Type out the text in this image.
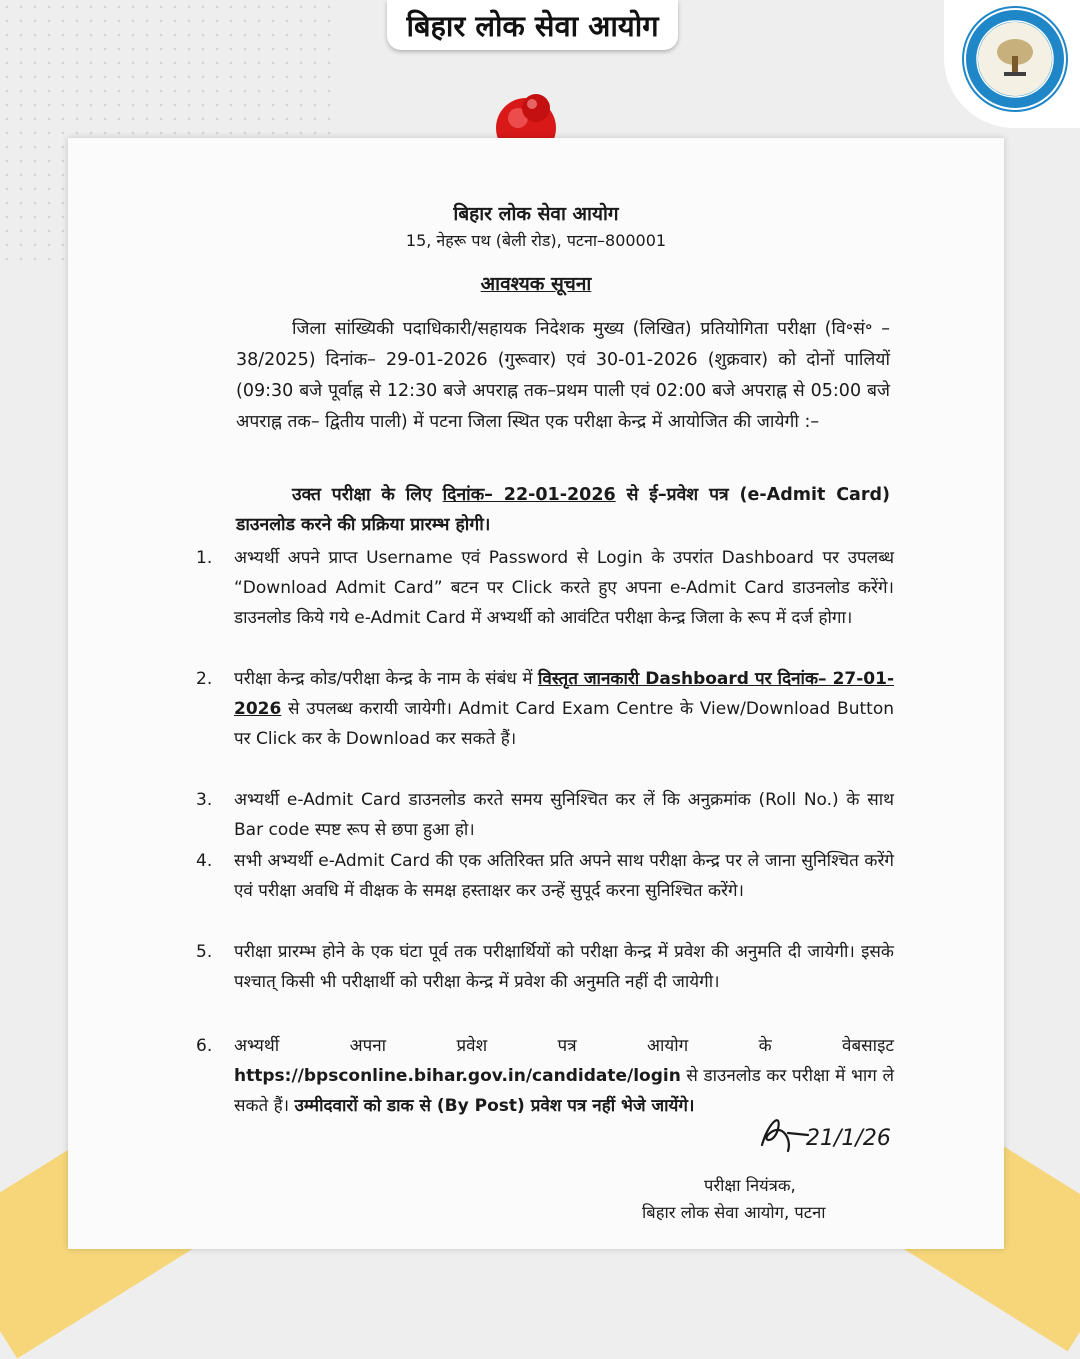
बिहार लोक सेवा आयोग
बिहार लोक सेवा आयोग
15, नेहरू पथ (बेली रोड), पटना–800001
आवश्यक सूचना
जिला सांख्यिकी पदाधिकारी/सहायक निदेशक मुख्य (लिखित) प्रतियोगिता परीक्षा (वि॰सं॰ – 38/2025) दिनांक– 29-01-2026 (गुरूवार) एवं 30-01-2026 (शुक्रवार) को दोनों पालियों (09:30 बजे पूर्वाह्न से 12:30 बजे अपराह्न तक–प्रथम पाली एवं 02:00 बजे अपराह्न से 05:00 बजे अपराह्न तक– द्वितीय पाली) में पटना जिला स्थित एक परीक्षा केन्द्र में आयोजित की जायेगी :–
उक्त परीक्षा के लिए दिनांक– 22-01-2026 से ई–प्रवेश पत्र (e-Admit Card) डाउनलोड करने की प्रक्रिया प्रारम्भ होगी।
1. अभ्यर्थी अपने प्राप्त Username एवं Password से Login के उपरांत Dashboard पर उपलब्ध “Download Admit Card” बटन पर Click करते हुए अपना e-Admit Card डाउनलोड करेंगे। डाउनलोड किये गये e-Admit Card में अभ्यर्थी को आवंटित परीक्षा केन्द्र जिला के रूप में दर्ज होगा।
2. परीक्षा केन्द्र कोड/परीक्षा केन्द्र के नाम के संबंध में विस्तृत जानकारी Dashboard पर दिनांक– 27-01-2026 से उपलब्ध करायी जायेगी। Admit Card Exam Centre के View/Download Button पर Click कर के Download कर सकते हैं।
3. अभ्यर्थी e-Admit Card डाउनलोड करते समय सुनिश्चित कर लें कि अनुक्रमांक (Roll No.) के साथ Bar code स्पष्ट रूप से छपा हुआ हो।
4. सभी अभ्यर्थी e-Admit Card की एक अतिरिक्त प्रति अपने साथ परीक्षा केन्द्र पर ले जाना सुनिश्चित करेंगे एवं परीक्षा अवधि में वीक्षक के समक्ष हस्ताक्षर कर उन्हें सुपूर्द करना सुनिश्चित करेंगे।
5. परीक्षा प्रारम्भ होने के एक घंटा पूर्व तक परीक्षार्थियों को परीक्षा केन्द्र में प्रवेश की अनुमति दी जायेगी। इसके पश्चात् किसी भी परीक्षार्थी को परीक्षा केन्द्र में प्रवेश की अनुमति नहीं दी जायेगी।
6. अभ्यर्थी अपना प्रवेश पत्र आयोग के वेबसाइट https://bpsconline.bihar.gov.in/candidate/login से डाउनलोड कर परीक्षा में भाग ले सकते हैं। उम्मीदवारों को डाक से (By Post) प्रवेश पत्र नहीं भेजे जायेंगे।
21/1/26
परीक्षा नियंत्रक,
बिहार लोक सेवा आयोग, पटना
